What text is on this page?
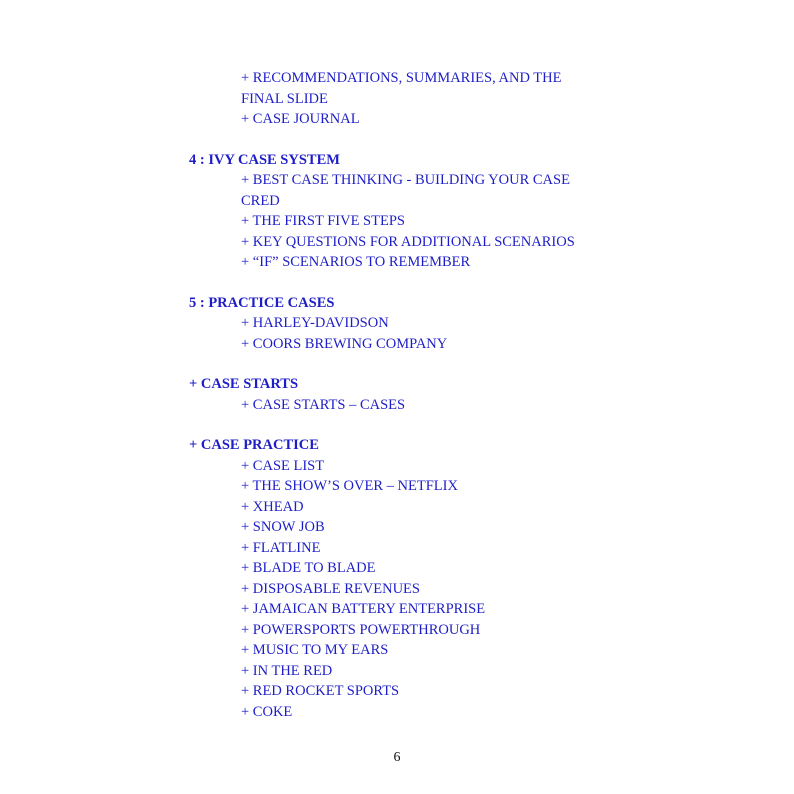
+ RECOMMENDATIONS, SUMMARIES, AND THE FINAL SLIDE
+ CASE JOURNAL
4 : IVY CASE SYSTEM
+ BEST CASE THINKING - BUILDING YOUR CASE CRED
+ THE FIRST FIVE STEPS
+ KEY QUESTIONS FOR ADDITIONAL SCENARIOS
+ “IF” SCENARIOS TO REMEMBER
5 : PRACTICE CASES
+ HARLEY-DAVIDSON
+ COORS BREWING COMPANY
+ CASE STARTS
+ CASE STARTS – CASES
+ CASE PRACTICE
+ CASE LIST
+ THE SHOW’S OVER – NETFLIX
+ XHEAD
+ SNOW JOB
+ FLATLINE
+ BLADE TO BLADE
+ DISPOSABLE REVENUES
+ JAMAICAN BATTERY ENTERPRISE
+ POWERSPORTS POWERTHROUGH
+ MUSIC TO MY EARS
+ IN THE RED
+ RED ROCKET SPORTS
+ COKE
6
